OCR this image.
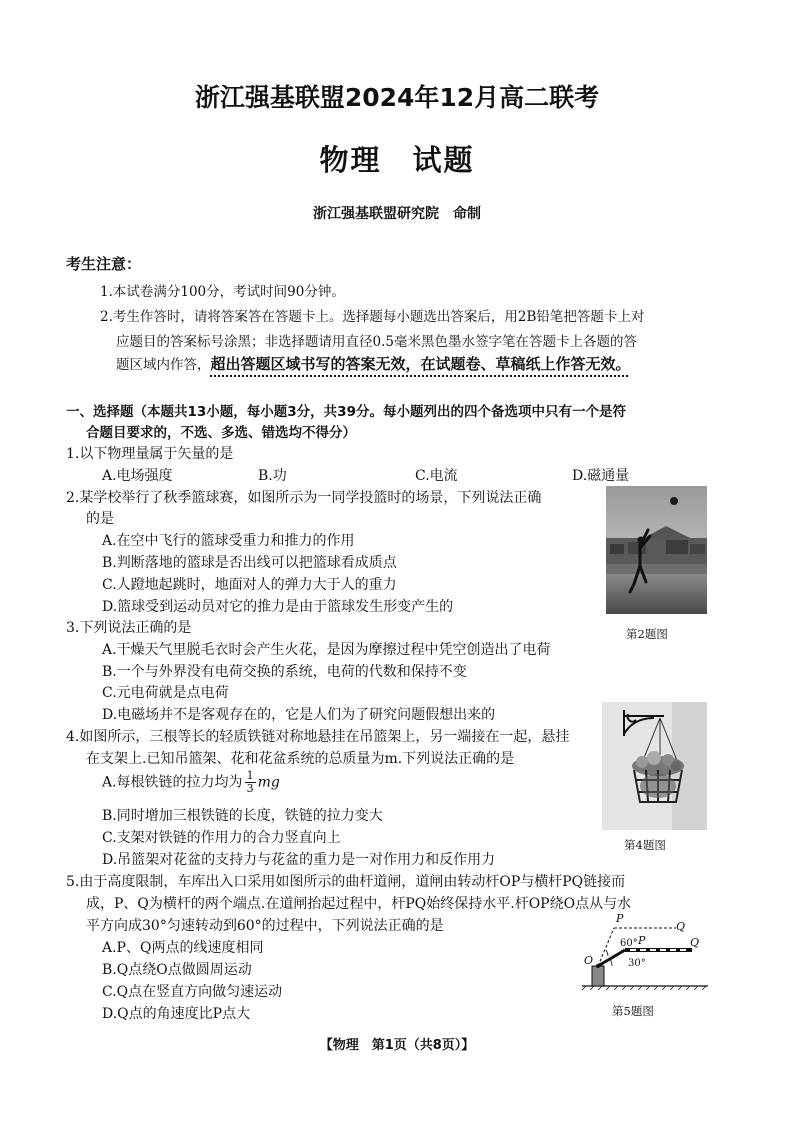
浙江强基联盟2024年12月高二联考
物理　试题
浙江强基联盟研究院　命制
考生注意：
1.本试卷满分100分，考试时间90分钟。
2.考生作答时，请将答案答在答题卡上。选择题每小题选出答案后，用2B铅笔把答题卡上对
应题目的答案标号涂黑；非选择题请用直径0.5毫米黑色墨水签字笔在答题卡上各题的答
题区域内作答，超出答题区域书写的答案无效，在试题卷、草稿纸上作答无效。
一、选择题（本题共13小题，每小题3分，共39分。每小题列出的四个备选项中只有一个是符
合题目要求的，不选、多选、错选均不得分）
1.以下物理量属于矢量的是
A.电场强度	B.功	C.电流	D.磁通量
2.某学校举行了秋季篮球赛，如图所示为一同学投篮时的场景，下列说法正确
的是
A.在空中飞行的篮球受重力和推力的作用
B.判断落地的篮球是否出线可以把篮球看成质点
C.人蹬地起跳时，地面对人的弹力大于人的重力
D.篮球受到运动员对它的推力是由于篮球发生形变产生的
第2题图
3.下列说法正确的是
A.干燥天气里脱毛衣时会产生火花，是因为摩擦过程中凭空创造出了电荷
B.一个与外界没有电荷交换的系统，电荷的代数和保持不变
C.元电荷就是点电荷
D.电磁场并不是客观存在的，它是人们为了研究问题假想出来的
4.如图所示，三根等长的轻质铁链对称地悬挂在吊篮架上，另一端接在一起，悬挂
在支架上.已知吊篮架、花和花盆系统的总质量为m.下列说法正确的是
A.每根铁链的拉力均为 $\frac{1}{3}$ mg
B.同时增加三根铁链的长度，铁链的拉力变大
C.支架对铁链的作用力的合力竖直向上
D.吊篮架对花盆的支持力与花盆的重力是一对作用力和反作用力
第4题图
5.由于高度限制，车库出入口采用如图所示的曲杆道闸，道闸由转动杆OP与横杆PQ链接而
成，P、Q为横杆的两个端点.在道闸抬起过程中，杆PQ始终保持水平.杆OP绕O点从与水
平方向成30°匀速转动到60°的过程中，下列说法正确的是
A.P、Q两点的线速度相同
B.Q点绕O点做圆周运动
C.Q点在竖直方向做匀速运动
D.Q点的角速度比P点大
P
Q
60° P	Q
O	30°
第5题图
【物理　第1页（共8页）】
